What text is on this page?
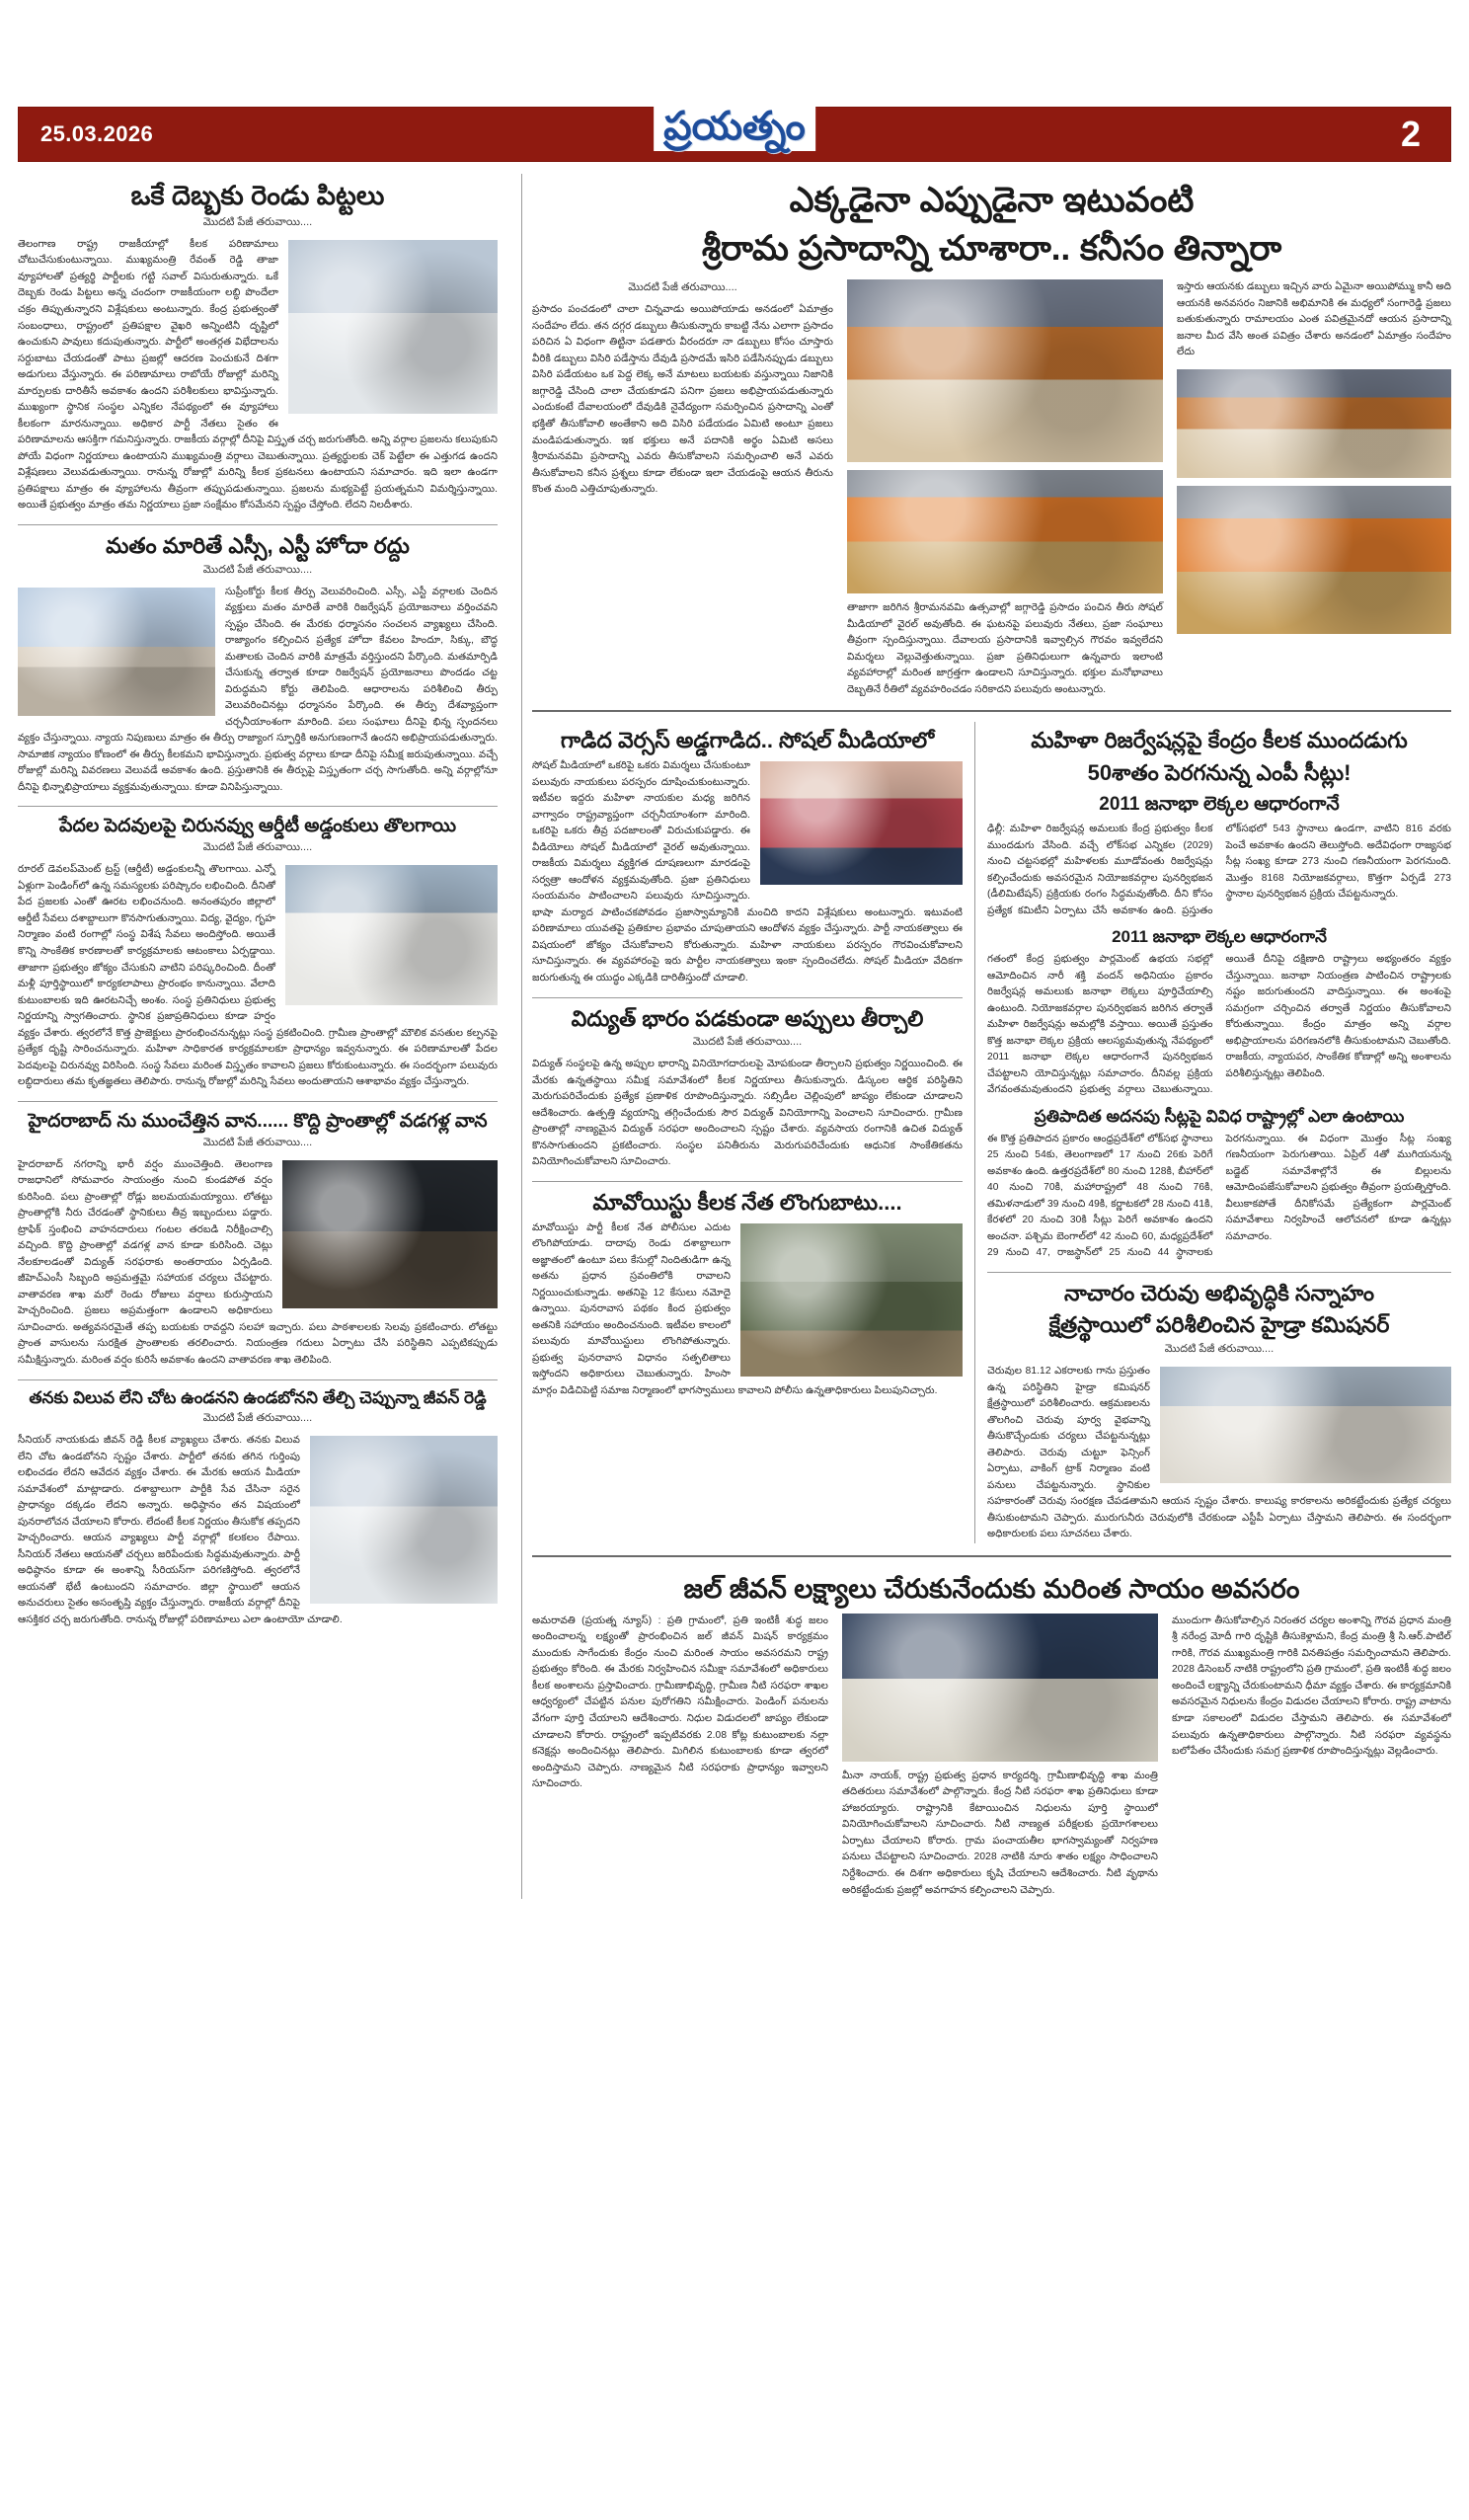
25.03.2026	ప్రయత్నం	2
ఒకే దెబ్బకు రెండు పిట్టలు
మొదటి పేజీ తరువాయి....
తెలంగాణ రాష్ట్ర రాజకీయాల్లో కీలక పరిణామాలు చోటుచేసుకుంటున్నాయి. ముఖ్యమంత్రి రేవంత్ రెడ్డి తాజా వ్యూహాలతో ప్రత్యర్థి పార్టీలకు గట్టి సవాల్ విసురుతున్నారు. ఒకే దెబ్బకు రెండు పిట్టలు అన్న చందంగా రాజకీయంగా లబ్ధి పొందేలా చక్రం తిప్పుతున్నారని విశ్లేషకులు అంటున్నారు. కేంద్ర ప్రభుత్వంతో సంబంధాలు, రాష్ట్రంలో ప్రతిపక్షాల వైఖరి అన్నింటినీ దృష్టిలో ఉంచుకుని పావులు కదుపుతున్నారు. పార్టీలో అంతర్గత విభేదాలను సర్దుబాటు చేయడంతో పాటు ప్రజల్లో ఆదరణ పెంచుకునే దిశగా అడుగులు వేస్తున్నారు. ఈ పరిణామాలు రాబోయే రోజుల్లో మరిన్ని మార్పులకు దారితీసే అవకాశం ఉందని పరిశీలకులు భావిస్తున్నారు. ముఖ్యంగా స్థానిక సంస్థల ఎన్నికల నేపథ్యంలో ఈ వ్యూహాలు కీలకంగా మారనున్నాయి. అధికార పార్టీ నేతలు సైతం ఈ పరిణామాలను ఆసక్తిగా గమనిస్తున్నారు. రాజకీయ వర్గాల్లో దీనిపై విస్తృత చర్చ జరుగుతోంది. అన్ని వర్గాల ప్రజలను కలుపుకుని పోయే విధంగా నిర్ణయాలు ఉంటాయని ముఖ్యమంత్రి వర్గాలు చెబుతున్నాయి. ప్రత్యర్థులకు చెక్ పెట్టేలా ఈ ఎత్తుగడ ఉందని విశ్లేషణలు వెలువడుతున్నాయి. రానున్న రోజుల్లో మరిన్ని కీలక ప్రకటనలు ఉంటాయని సమాచారం. ఇది ఇలా ఉండగా ప్రతిపక్షాలు మాత్రం ఈ వ్యూహాలను తీవ్రంగా తప్పుపడుతున్నాయి. ప్రజలను మభ్యపెట్టే ప్రయత్నమని విమర్శిస్తున్నాయి. అయితే ప్రభుత్వం మాత్రం తమ నిర్ణయాలు ప్రజా సంక్షేమం కోసమేనని స్పష్టం చేస్తోంది. లేదని నిలదీశారు.
మతం మారితే ఎస్సీ, ఎస్టీ హోదా రద్దు
మొదటి పేజీ తరువాయి....
సుప్రీంకోర్టు కీలక తీర్పు వెలువరించింది. ఎస్సీ, ఎస్టీ వర్గాలకు చెందిన వ్యక్తులు మతం మారితే వారికి రిజర్వేషన్ ప్రయోజనాలు వర్తించవని స్పష్టం చేసింది. ఈ మేరకు ధర్మాసనం సంచలన వ్యాఖ్యలు చేసింది. రాజ్యాంగం కల్పించిన ప్రత్యేక హోదా కేవలం హిందూ, సిక్కు, బౌద్ధ మతాలకు చెందిన వారికి మాత్రమే వర్తిస్తుందని పేర్కొంది. మతమార్పిడి చేసుకున్న తర్వాత కూడా రిజర్వేషన్ ప్రయోజనాలు పొందడం చట్ట విరుద్ధమని కోర్టు తెలిపింది. ఆధారాలను పరిశీలించి తీర్పు వెలువరించినట్లు ధర్మాసనం పేర్కొంది. ఈ తీర్పు దేశవ్యాప్తంగా చర్చనీయాంశంగా మారింది. పలు సంఘాలు దీనిపై భిన్న స్పందనలు వ్యక్తం చేస్తున్నాయి. న్యాయ నిపుణులు మాత్రం ఈ తీర్పు రాజ్యాంగ స్ఫూర్తికి అనుగుణంగానే ఉందని అభిప్రాయపడుతున్నారు. సామాజిక న్యాయం కోణంలో ఈ తీర్పు కీలకమని భావిస్తున్నారు. ప్రభుత్వ వర్గాలు కూడా దీనిపై సమీక్ష జరుపుతున్నాయి. వచ్చే రోజుల్లో మరిన్ని వివరణలు వెలువడే అవకాశం ఉంది. ప్రస్తుతానికి ఈ తీర్పుపై విస్తృతంగా చర్చ సాగుతోంది. అన్ని వర్గాల్లోనూ దీనిపై భిన్నాభిప్రాయాలు వ్యక్తమవుతున్నాయి. కూడా వినిపిస్తున్నాయి.
పేదల పెదవులపై చిరునవ్వు ఆర్డీటీ అడ్డంకులు తొలగాయి
మొదటి పేజీ తరువాయి....
రూరల్ డెవలప్‌మెంట్ ట్రస్ట్ (ఆర్డీటీ) అడ్డంకులన్నీ తొలగాయి. ఎన్నో ఏళ్లుగా పెండింగ్‌లో ఉన్న సమస్యలకు పరిష్కారం లభించింది. దీనితో పేద ప్రజలకు ఎంతో ఊరట లభించనుంది. అనంతపురం జిల్లాలో ఆర్డీటీ సేవలు దశాబ్దాలుగా కొనసాగుతున్నాయి. విద్య, వైద్యం, గృహ నిర్మాణం వంటి రంగాల్లో సంస్థ విశేష సేవలు అందిస్తోంది. అయితే కొన్ని సాంకేతిక కారణాలతో కార్యక్రమాలకు ఆటంకాలు ఏర్పడ్డాయి. తాజాగా ప్రభుత్వం జోక్యం చేసుకుని వాటిని పరిష్కరించింది. దీంతో మళ్లీ పూర్తిస్థాయిలో కార్యకలాపాలు ప్రారంభం కానున్నాయి. వేలాది కుటుంబాలకు ఇది ఊరటనిచ్చే అంశం. సంస్థ ప్రతినిధులు ప్రభుత్వ నిర్ణయాన్ని స్వాగతించారు. స్థానిక ప్రజాప్రతినిధులు కూడా హర్షం వ్యక్తం చేశారు. త్వరలోనే కొత్త ప్రాజెక్టులు ప్రారంభించనున్నట్లు సంస్థ ప్రకటించింది. గ్రామీణ ప్రాంతాల్లో మౌలిక వసతుల కల్పనపై ప్రత్యేక దృష్టి సారించనున్నారు. మహిళా సాధికారత కార్యక్రమాలకూ ప్రాధాన్యం ఇవ్వనున్నారు. ఈ పరిణామాలతో పేదల పెదవులపై చిరునవ్వు విరిసింది. సంస్థ సేవలు మరింత విస్తృతం కావాలని ప్రజలు కోరుకుంటున్నారు. ఈ సందర్భంగా పలువురు లబ్ధిదారులు తమ కృతజ్ఞతలు తెలిపారు. రానున్న రోజుల్లో మరిన్ని సేవలు అందుతాయని ఆశాభావం వ్యక్తం చేస్తున్నారు.
హైదరాబాద్ ను ముంచేత్తిన వాన...... కొద్ది ప్రాంతాల్లో వడగళ్ల వాన
మొదటి పేజీ తరువాయి....
హైదరాబాద్ నగరాన్ని భారీ వర్షం ముంచెత్తింది. తెలంగాణ రాజధానిలో సోమవారం సాయంత్రం నుంచి కుండపోత వర్షం కురిసింది. పలు ప్రాంతాల్లో రోడ్లు జలమయమయ్యాయి. లోతట్టు ప్రాంతాల్లోకి నీరు చేరడంతో స్థానికులు తీవ్ర ఇబ్బందులు పడ్డారు. ట్రాఫిక్ స్తంభించి వాహనదారులు గంటల తరబడి నిరీక్షించాల్సి వచ్చింది. కొద్ది ప్రాంతాల్లో వడగళ్ల వాన కూడా కురిసింది. చెట్లు నేలకూలడంతో విద్యుత్ సరఫరాకు అంతరాయం ఏర్పడింది. జీహెచ్ఎంసీ సిబ్బంది అప్రమత్తమై సహాయక చర్యలు చేపట్టారు. వాతావరణ శాఖ మరో రెండు రోజులు వర్షాలు కురుస్తాయని హెచ్చరించింది. ప్రజలు అప్రమత్తంగా ఉండాలని అధికారులు సూచించారు. అత్యవసరమైతే తప్ప బయటకు రావద్దని సలహా ఇచ్చారు. పలు పాఠశాలలకు సెలవు ప్రకటించారు. లోతట్టు ప్రాంత వాసులను సురక్షిత ప్రాంతాలకు తరలించారు. నియంత్రణ గదులు ఏర్పాటు చేసి పరిస్థితిని ఎప్పటికప్పుడు సమీక్షిస్తున్నారు. మరింత వర్షం కురిసే అవకాశం ఉందని వాతావరణ శాఖ తెలిపింది.
తనకు విలువ లేని చోట ఉండనని ఉండబోనని తేల్చి చెప్పున్నా జీవన్ రెడ్డి
మొదటి పేజీ తరువాయి....
సీనియర్ నాయకుడు జీవన్ రెడ్డి కీలక వ్యాఖ్యలు చేశారు. తనకు విలువ లేని చోట ఉండబోనని స్పష్టం చేశారు. పార్టీలో తనకు తగిన గుర్తింపు లభించడం లేదని ఆవేదన వ్యక్తం చేశారు. ఈ మేరకు ఆయన మీడియా సమావేశంలో మాట్లాడారు. దశాబ్దాలుగా పార్టీకి సేవ చేసినా సరైన ప్రాధాన్యం దక్కడం లేదని అన్నారు. అధిష్ఠానం తన విషయంలో పునరాలోచన చేయాలని కోరారు. లేదంటే కీలక నిర్ణయం తీసుకోక తప్పదని హెచ్చరించారు. ఆయన వ్యాఖ్యలు పార్టీ వర్గాల్లో కలకలం రేపాయి. సీనియర్ నేతలు ఆయనతో చర్చలు జరిపేందుకు సిద్ధమవుతున్నారు. పార్టీ అధిష్ఠానం కూడా ఈ అంశాన్ని సీరియస్‌గా పరిగణిస్తోంది. త్వరలోనే ఆయనతో భేటీ ఉంటుందని సమాచారం. జిల్లా స్థాయిలో ఆయన అనుచరులు సైతం అసంతృప్తి వ్యక్తం చేస్తున్నారు. రాజకీయ వర్గాల్లో దీనిపై ఆసక్తికర చర్చ జరుగుతోంది. రానున్న రోజుల్లో పరిణామాలు ఎలా ఉంటాయో చూడాలి.
ఎక్కడైనా ఎప్పుడైనా ఇటువంటి
శ్రీరామ ప్రసాదాన్ని చూశారా.. కనీసం తిన్నారా
మొదటి పేజీ తరువాయి....
ప్రసాదం పంచడంలో చాలా చిన్నవాడు అయిపోయాడు అనడంలో ఏమాత్రం సందేహం లేదు. తన దగ్గర డబ్బులు తీసుకున్నారు కాబట్టి నేను ఎలాగా ప్రసాదం పరిచిన ఏ విధంగా తిట్టినా పడతారు వీరందరూ నా డబ్బులు కోసం చూస్తారు వీరికి డబ్బులు విసిరి పడేస్తాను దేవుడి ప్రసాదమే ఇసిరి పడేసినప్పుడు డబ్బులు విసిరి పడేయటం ఒక పెద్ద లెక్క అనే మాటలు బయటకు వస్తున్నాయి నిజానికి జగ్గారెడ్డి చేసింది చాలా చేయకూడని పనిగా ప్రజలు అభిప్రాయపడుతున్నారు ఎందుకంటే దేవాలయంలో దేవుడికి నైవేద్యంగా సమర్పించిన ప్రసాదాన్ని ఎంతో భక్తితో తీసుకోవాలి అంతేకాని అది విసిరి పడేయడం ఏమిటి అంటూ ప్రజలు మండిపడుతున్నారు. ఇక భక్తులు అనే పదానికి అర్థం ఏమిటి అసలు శ్రీరామనవమి ప్రసాదాన్ని ఎవరు తీసుకోవాలని సమర్పించాలి అనే ఎవరు తీసుకోవాలని కనీస ప్రశ్నలు కూడా లేకుండా ఇలా చేయడంపై ఆయన తీరును కొంత మంది ఎత్తిచూపుతున్నారు.
తాజాగా జరిగిన శ్రీరామనవమి ఉత్సవాల్లో జగ్గారెడ్డి ప్రసాదం పంచిన తీరు సోషల్ మీడియాలో వైరల్ అవుతోంది. ఈ ఘటనపై పలువురు నేతలు, ప్రజా సంఘాలు తీవ్రంగా స్పందిస్తున్నాయి. దేవాలయ ప్రసాదానికి ఇవ్వాల్సిన గౌరవం ఇవ్వలేదని విమర్శలు వెల్లువెత్తుతున్నాయి. ప్రజా ప్రతినిధులుగా ఉన్నవారు ఇలాంటి వ్యవహారాల్లో మరింత జాగ్రత్తగా ఉండాలని సూచిస్తున్నారు. భక్తుల మనోభావాలు దెబ్బతినే రీతిలో వ్యవహరించడం సరికాదని పలువురు అంటున్నారు.
ఇస్తారు ఆయనకు డబ్బులు ఇచ్చిన వారు ఏమైనా అయిపోమ్ము కానీ అది ఆయనకి అనవసరం నిజానికి అభిమానికి ఈ మధ్యలో సంగారెడ్డి ప్రజలు బతుకుతున్నారు రామాలయం ఎంత పవిత్రమైనదో ఆయన ప్రసాదాన్ని జనాల మీద వేసి అంత పవిత్రం చేశారు అనడంలో ఏమాత్రం సందేహం లేదు
గాడిద వెర్సస్ అడ్డగాడిద.. సోషల్ మీడియాలో
సోషల్ మీడియాలో ఒకరిపై ఒకరు విమర్శలు చేసుకుంటూ పలువురు నాయకులు పరస్పరం దూషించుకుంటున్నారు. ఇటీవల ఇద్దరు మహిళా నాయకుల మధ్య జరిగిన వాగ్వాదం రాష్ట్రవ్యాప్తంగా చర్చనీయాంశంగా మారింది. ఒకరిపై ఒకరు తీవ్ర పదజాలంతో విరుచుకుపడ్డారు. ఈ వీడియోలు సోషల్ మీడియాలో వైరల్ అవుతున్నాయి. రాజకీయ విమర్శలు వ్యక్తిగత దూషణలుగా మారడంపై సర్వత్రా ఆందోళన వ్యక్తమవుతోంది. ప్రజా ప్రతినిధులు సంయమనం పాటించాలని పలువురు సూచిస్తున్నారు. భాషా మర్యాద పాటించకపోవడం ప్రజాస్వామ్యానికి మంచిది కాదని విశ్లేషకులు అంటున్నారు. ఇటువంటి పరిణామాలు యువతపై ప్రతికూల ప్రభావం చూపుతాయని ఆందోళన వ్యక్తం చేస్తున్నారు. పార్టీ నాయకత్వాలు ఈ విషయంలో జోక్యం చేసుకోవాలని కోరుతున్నారు. మహిళా నాయకులు పరస్పరం గౌరవించుకోవాలని సూచిస్తున్నారు. ఈ వ్యవహారంపై ఇరు పార్టీల నాయకత్వాలు ఇంకా స్పందించలేదు. సోషల్ మీడియా వేదికగా జరుగుతున్న ఈ యుద్ధం ఎక్కడికి దారితీస్తుందో చూడాలి.
విద్యుత్ భారం పడకుండా అప్పులు తీర్చాలి
మొదటి పేజీ తరువాయి....
విద్యుత్ సంస్థలపై ఉన్న అప్పుల భారాన్ని వినియోగదారులపై మోపకుండా తీర్చాలని ప్రభుత్వం నిర్ణయించింది. ఈ మేరకు ఉన్నతస్థాయి సమీక్ష సమావేశంలో కీలక నిర్ణయాలు తీసుకున్నారు. డిస్కంల ఆర్థిక పరిస్థితిని మెరుగుపరిచేందుకు ప్రత్యేక ప్రణాళిక రూపొందిస్తున్నారు. సబ్సిడీల చెల్లింపులో జాప్యం లేకుండా చూడాలని ఆదేశించారు. ఉత్పత్తి వ్యయాన్ని తగ్గించేందుకు సౌర విద్యుత్ వినియోగాన్ని పెంచాలని సూచించారు. గ్రామీణ ప్రాంతాల్లో నాణ్యమైన విద్యుత్ సరఫరా అందించాలని స్పష్టం చేశారు. వ్యవసాయ రంగానికి ఉచిత విద్యుత్ కొనసాగుతుందని ప్రకటించారు. సంస్థల పనితీరును మెరుగుపరిచేందుకు ఆధునిక సాంకేతికతను వినియోగించుకోవాలని సూచించారు.
మావోయిస్టు కీలక నేత లొంగుబాటు....
మావోయిస్టు పార్టీ కీలక నేత పోలీసుల ఎదుట లొంగిపోయాడు. దాదాపు రెండు దశాబ్దాలుగా అజ్ఞాతంలో ఉంటూ పలు కేసుల్లో నిందితుడిగా ఉన్న అతను ప్రధాన స్రవంతిలోకి రావాలని నిర్ణయించుకున్నాడు. అతనిపై 12 కేసులు నమోదై ఉన్నాయి. పునరావాస పథకం కింద ప్రభుత్వం అతనికి సహాయం అందించనుంది. ఇటీవల కాలంలో పలువురు మావోయిస్టులు లొంగిపోతున్నారు. ప్రభుత్వ పునరావాస విధానం సత్ఫలితాలు ఇస్తోందని అధికారులు చెబుతున్నారు. హింసా మార్గం విడిచిపెట్టి సమాజ నిర్మాణంలో భాగస్వాములు కావాలని పోలీసు ఉన్నతాధికారులు పిలుపునిచ్చారు.
మహిళా రిజర్వేషన్లపై కేంద్రం కీలక ముందడుగు
50శాతం పెరగనున్న ఎంపీ సీట్లు!
2011 జనాభా లెక్కల ఆధారంగానే
ఢిల్లీ: మహిళా రిజర్వేషన్ల అమలుకు కేంద్ర ప్రభుత్వం కీలక ముందడుగు వేసింది. వచ్చే లోక్‌సభ ఎన్నికల (2029) నుంచి చట్టసభల్లో మహిళలకు మూడోవంతు రిజర్వేషన్లు కల్పించేందుకు అవసరమైన నియోజకవర్గాల పునర్విభజన (డీలిమిటేషన్) ప్రక్రియకు రంగం సిద్ధమవుతోంది. దీని కోసం ప్రత్యేక కమిటీని ఏర్పాటు చేసే అవకాశం ఉంది. ప్రస్తుతం లోక్‌సభలో 543 స్థానాలు ఉండగా, వాటిని 816 వరకు పెంచే అవకాశం ఉందని తెలుస్తోంది. అదేవిధంగా రాజ్యసభ సీట్ల సంఖ్య కూడా 273 నుంచి గణనీయంగా పెరగనుంది. మొత్తం 8168 నియోజకవర్గాలు, కొత్తగా ఏర్పడే 273 స్థానాల పునర్విభజన ప్రక్రియ చేపట్టనున్నారు.
2011 జనాభా లెక్కల ఆధారంగానే
గతంలో కేంద్ర ప్రభుత్వం పార్లమెంట్ ఉభయ సభల్లో ఆమోదించిన నారీ శక్తి వందన్ అధినియం ప్రకారం రిజర్వేషన్ల అమలుకు జనాభా లెక్కలు పూర్తిచేయాల్సి ఉంటుంది. నియోజకవర్గాల పునర్విభజన జరిగిన తర్వాతే మహిళా రిజర్వేషన్లు అమల్లోకి వస్తాయి. అయితే ప్రస్తుతం కొత్త జనాభా లెక్కల ప్రక్రియ ఆలస్యమవుతున్న నేపథ్యంలో 2011 జనాభా లెక్కల ఆధారంగానే పునర్విభజన చేపట్టాలని యోచిస్తున్నట్లు సమాచారం. దీనివల్ల ప్రక్రియ వేగవంతమవుతుందని ప్రభుత్వ వర్గాలు చెబుతున్నాయి. అయితే దీనిపై దక్షిణాది రాష్ట్రాలు అభ్యంతరం వ్యక్తం చేస్తున్నాయి. జనాభా నియంత్రణ పాటించిన రాష్ట్రాలకు నష్టం జరుగుతుందని వాదిస్తున్నాయి. ఈ అంశంపై సమగ్రంగా చర్చించిన తర్వాతే నిర్ణయం తీసుకోవాలని కోరుతున్నాయి. కేంద్రం మాత్రం అన్ని వర్గాల అభిప్రాయాలను పరిగణనలోకి తీసుకుంటామని చెబుతోంది. రాజకీయ, న్యాయపర, సాంకేతిక కోణాల్లో అన్ని అంశాలను పరిశీలిస్తున్నట్లు తెలిపింది.
ప్రతిపాదిత అదనపు సీట్లపై వివిధ రాష్ట్రాల్లో ఎలా ఉంటాయి
ఈ కొత్త ప్రతిపాదన ప్రకారం ఆంధ్రప్రదేశ్‌లో లోక్‌సభ స్థానాలు 25 నుంచి 54కు, తెలంగాణలో 17 నుంచి 26కు పెరిగే అవకాశం ఉంది. ఉత్తరప్రదేశ్‌లో 80 నుంచి 128కి, బీహార్‌లో 40 నుంచి 70కి, మహారాష్ట్రలో 48 నుంచి 76కి, తమిళనాడులో 39 నుంచి 49కి, కర్ణాటకలో 28 నుంచి 41కి, కేరళలో 20 నుంచి 30కి సీట్లు పెరిగే అవకాశం ఉందని అంచనా. పశ్చిమ బెంగాల్‌లో 42 నుంచి 60, మధ్యప్రదేశ్‌లో 29 నుంచి 47, రాజస్థాన్‌లో 25 నుంచి 44 స్థానాలకు పెరగనున్నాయి. ఈ విధంగా మొత్తం సీట్ల సంఖ్య గణనీయంగా పెరుగుతాయి. ఏప్రిల్ 4తో ముగియనున్న బడ్జెట్ సమావేశాల్లోనే ఈ బిల్లులను ఆమోదింపజేసుకోవాలని ప్రభుత్వం తీవ్రంగా ప్రయత్నిస్తోంది. వీలుకాకపోతే దీనికోసమే ప్రత్యేకంగా పార్లమెంట్ సమావేశాలు నిర్వహించే ఆలోచనలో కూడా ఉన్నట్లు సమాచారం.
నాచారం చెరువు అభివృద్ధికి సన్నాహం
క్షేత్రస్థాయిలో పరిశీలించిన హైడ్రా కమిషనర్
మొదటి పేజీ తరువాయి....
చెరువుల 81.12 ఎకరాలకు గాను ప్రస్తుతం ఉన్న పరిస్థితిని హైడ్రా కమిషనర్ క్షేత్రస్థాయిలో పరిశీలించారు. ఆక్రమణలను తొలగించి చెరువు పూర్వ వైభవాన్ని తీసుకొచ్చేందుకు చర్యలు చేపట్టనున్నట్లు తెలిపారు. చెరువు చుట్టూ ఫెన్సింగ్ ఏర్పాటు, వాకింగ్ ట్రాక్ నిర్మాణం వంటి పనులు చేపట్టనున్నారు. స్థానికుల సహకారంతో చెరువు సంరక్షణ చేపడతామని ఆయన స్పష్టం చేశారు. కాలుష్య కారకాలను అరికట్టేందుకు ప్రత్యేక చర్యలు తీసుకుంటామని చెప్పారు. మురుగునీరు చెరువులోకి చేరకుండా ఎస్టీపీ ఏర్పాటు చేస్తామని తెలిపారు. ఈ సందర్భంగా అధికారులకు పలు సూచనలు చేశారు.
జల్ జీవన్ లక్ష్యాలు చేరుకునేందుకు మరింత సాయం అవసరం
అమరావతి (ప్రయత్న న్యూస్) : ప్రతి గ్రామంలో, ప్రతి ఇంటికీ శుద్ధ జలం అందించాలన్న లక్ష్యంతో ప్రారంభించిన జల్ జీవన్ మిషన్ కార్యక్రమం ముందుకు సాగేందుకు కేంద్రం నుంచి మరింత సాయం అవసరమని రాష్ట్ర ప్రభుత్వం కోరింది. ఈ మేరకు నిర్వహించిన సమీక్షా సమావేశంలో అధికారులు కీలక అంశాలను ప్రస్తావించారు. గ్రామీణాభివృద్ధి, గ్రామీణ నీటి సరఫరా శాఖల ఆధ్వర్యంలో చేపట్టిన పనుల పురోగతిని సమీక్షించారు. పెండింగ్ పనులను వేగంగా పూర్తి చేయాలని ఆదేశించారు. నిధుల విడుదలలో జాప్యం లేకుండా చూడాలని కోరారు. రాష్ట్రంలో ఇప్పటివరకు 2.08 కోట్ల కుటుంబాలకు నల్లా కనెక్షన్లు అందించినట్లు తెలిపారు. మిగిలిన కుటుంబాలకు కూడా త్వరలో అందిస్తామని చెప్పారు. నాణ్యమైన నీటి సరఫరాకు ప్రాధాన్యం ఇవ్వాలని సూచించారు.
మీనా నాయక్, రాష్ట్ర ప్రభుత్వ ప్రధాన కార్యదర్శి, గ్రామీణాభివృద్ధి శాఖ మంత్రి తదితరులు సమావేశంలో పాల్గొన్నారు. కేంద్ర నీటి సరఫరా శాఖ ప్రతినిధులు కూడా హాజరయ్యారు. రాష్ట్రానికి కేటాయించిన నిధులను పూర్తి స్థాయిలో వినియోగించుకోవాలని సూచించారు. నీటి నాణ్యత పరీక్షలకు ప్రయోగశాలలు ఏర్పాటు చేయాలని కోరారు. గ్రామ పంచాయతీల భాగస్వామ్యంతో నిర్వహణ పనులు చేపట్టాలని సూచించారు. 2028 నాటికి నూరు శాతం లక్ష్యం సాధించాలని నిర్దేశించారు. ఈ దిశగా అధికారులు కృషి చేయాలని ఆదేశించారు. నీటి వృథాను అరికట్టేందుకు ప్రజల్లో అవగాహన కల్పించాలని చెప్పారు.
ముందుగా తీసుకోవాల్సిన నిరంతర చర్యల అంశాన్ని గౌరవ ప్రధాన మంత్రి శ్రీ నరేంద్ర మోదీ గారి దృష్టికి తీసుకెళ్లామని, కేంద్ర మంత్రి శ్రీ సి.ఆర్.పాటిల్ గారికి, గౌరవ ముఖ్యమంత్రి గారికి వినతిపత్రం సమర్పించామని తెలిపారు. 2028 డిసెంబర్ నాటికి రాష్ట్రంలోని ప్రతి గ్రామంలో, ప్రతి ఇంటికీ శుద్ధ జలం అందించే లక్ష్యాన్ని చేరుకుంటామని ధీమా వ్యక్తం చేశారు. ఈ కార్యక్రమానికి అవసరమైన నిధులను కేంద్రం విడుదల చేయాలని కోరారు. రాష్ట్ర వాటాను కూడా సకాలంలో విడుదల చేస్తామని తెలిపారు. ఈ సమావేశంలో పలువురు ఉన్నతాధికారులు పాల్గొన్నారు. నీటి సరఫరా వ్యవస్థను బలోపేతం చేసేందుకు సమగ్ర ప్రణాళిక రూపొందిస్తున్నట్లు వెల్లడించారు.
